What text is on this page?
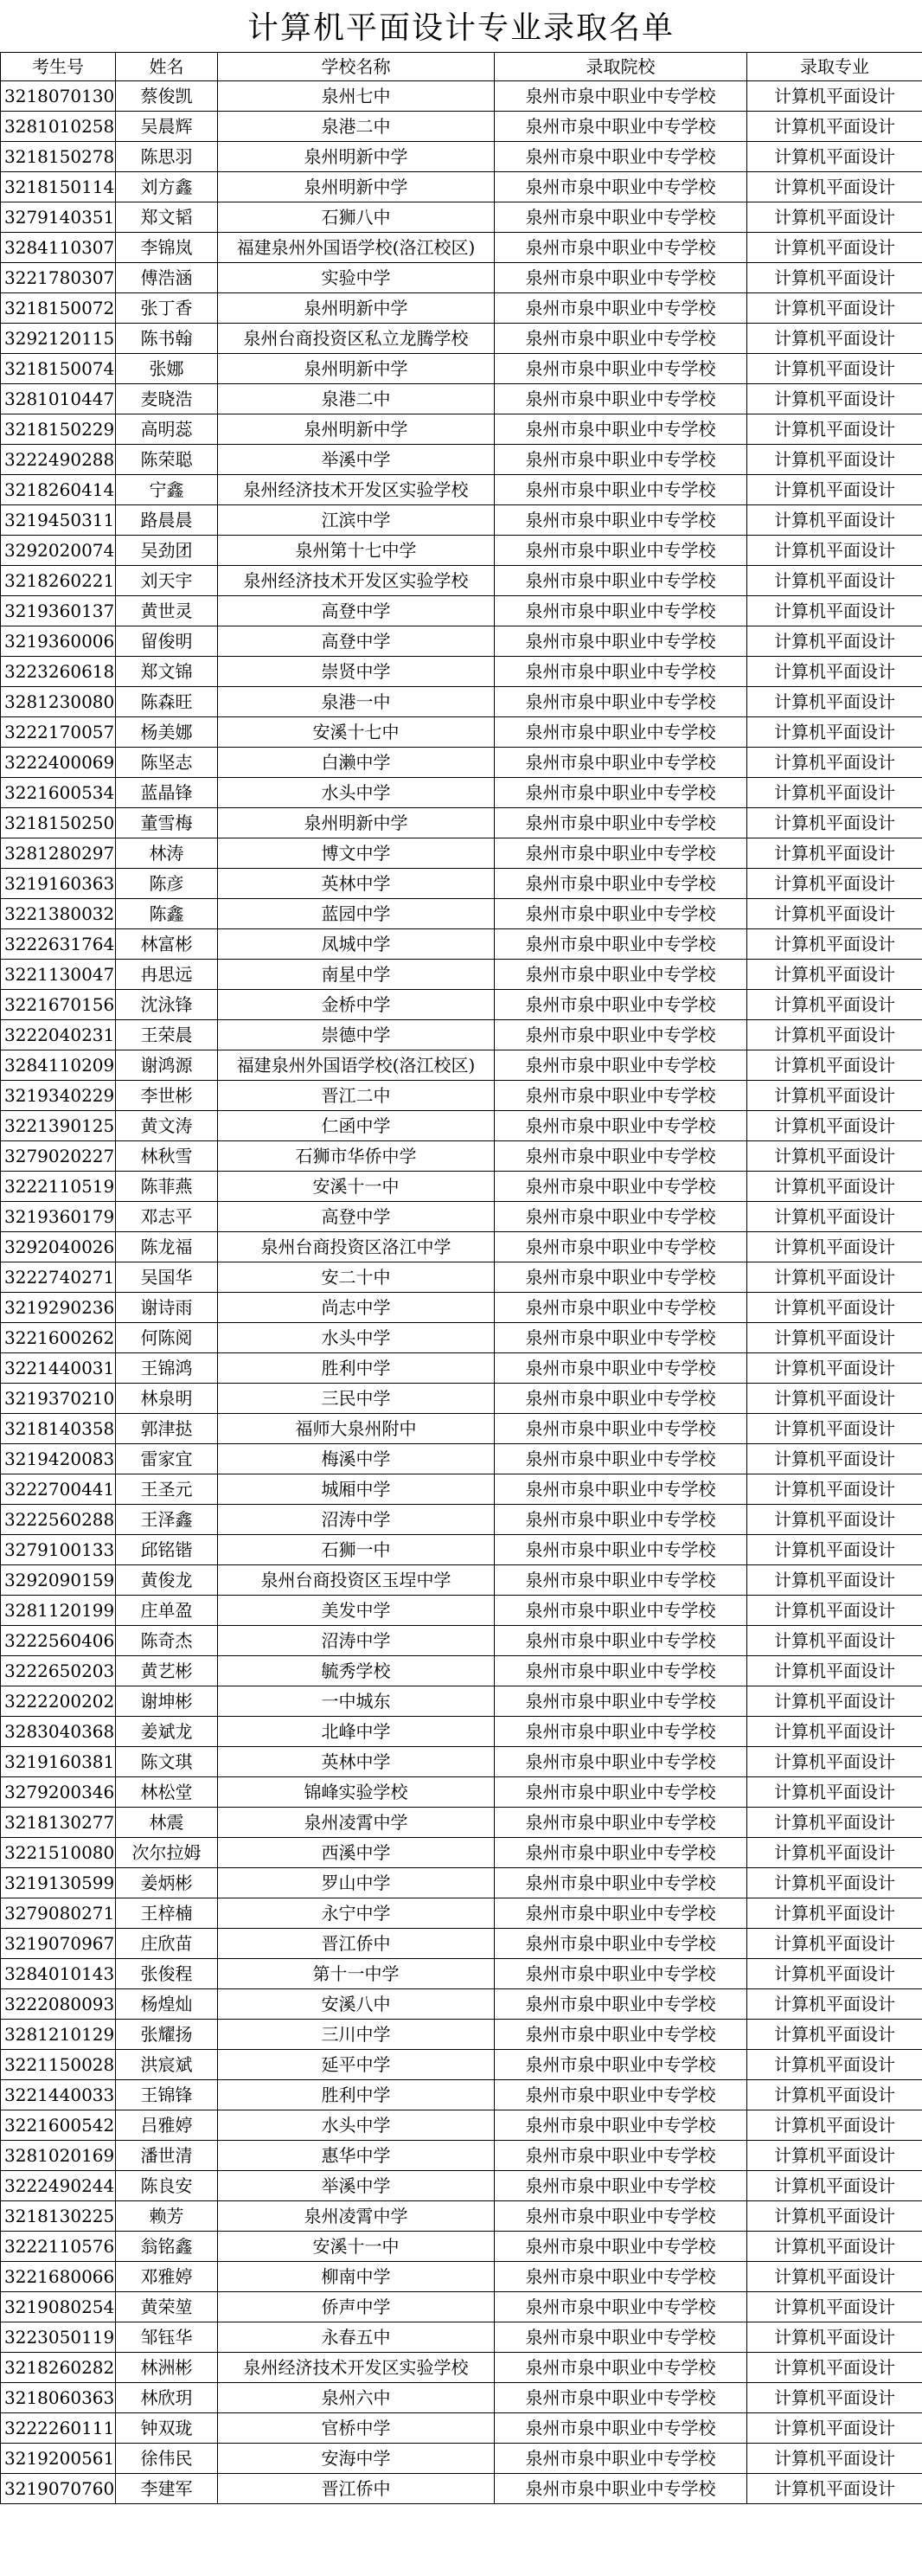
计算机平面设计专业录取名单
考生号	姓名	学校名称	录取院校	录取专业
3218070130	蔡俊凯	泉州七中	泉州市泉中职业中专学校	计算机平面设计
3281010258	吴晨辉	泉港二中	泉州市泉中职业中专学校	计算机平面设计
3218150278	陈思羽	泉州明新中学	泉州市泉中职业中专学校	计算机平面设计
3218150114	刘方鑫	泉州明新中学	泉州市泉中职业中专学校	计算机平面设计
3279140351	郑文韬	石狮八中	泉州市泉中职业中专学校	计算机平面设计
3284110307	李锦岚	福建泉州外国语学校(洛江校区)	泉州市泉中职业中专学校	计算机平面设计
3221780307	傅浩涵	实验中学	泉州市泉中职业中专学校	计算机平面设计
3218150072	张丁香	泉州明新中学	泉州市泉中职业中专学校	计算机平面设计
3292120115	陈书翰	泉州台商投资区私立龙腾学校	泉州市泉中职业中专学校	计算机平面设计
3218150074	张娜	泉州明新中学	泉州市泉中职业中专学校	计算机平面设计
3281010447	麦晓浩	泉港二中	泉州市泉中职业中专学校	计算机平面设计
3218150229	高明蕊	泉州明新中学	泉州市泉中职业中专学校	计算机平面设计
3222490288	陈荣聪	举溪中学	泉州市泉中职业中专学校	计算机平面设计
3218260414	宁鑫	泉州经济技术开发区实验学校	泉州市泉中职业中专学校	计算机平面设计
3219450311	路晨晨	江滨中学	泉州市泉中职业中专学校	计算机平面设计
3292020074	吴劲团	泉州第十七中学	泉州市泉中职业中专学校	计算机平面设计
3218260221	刘天宇	泉州经济技术开发区实验学校	泉州市泉中职业中专学校	计算机平面设计
3219360137	黄世灵	高登中学	泉州市泉中职业中专学校	计算机平面设计
3219360006	留俊明	高登中学	泉州市泉中职业中专学校	计算机平面设计
3223260618	郑文锦	崇贤中学	泉州市泉中职业中专学校	计算机平面设计
3281230080	陈森旺	泉港一中	泉州市泉中职业中专学校	计算机平面设计
3222170057	杨美娜	安溪十七中	泉州市泉中职业中专学校	计算机平面设计
3222400069	陈坚志	白濑中学	泉州市泉中职业中专学校	计算机平面设计
3221600534	蓝晶锋	水头中学	泉州市泉中职业中专学校	计算机平面设计
3218150250	董雪梅	泉州明新中学	泉州市泉中职业中专学校	计算机平面设计
3281280297	林涛	博文中学	泉州市泉中职业中专学校	计算机平面设计
3219160363	陈彦	英林中学	泉州市泉中职业中专学校	计算机平面设计
3221380032	陈鑫	蓝园中学	泉州市泉中职业中专学校	计算机平面设计
3222631764	林富彬	凤城中学	泉州市泉中职业中专学校	计算机平面设计
3221130047	冉思远	南星中学	泉州市泉中职业中专学校	计算机平面设计
3221670156	沈泳锋	金桥中学	泉州市泉中职业中专学校	计算机平面设计
3222040231	王荣晨	崇德中学	泉州市泉中职业中专学校	计算机平面设计
3284110209	谢鸿源	福建泉州外国语学校(洛江校区)	泉州市泉中职业中专学校	计算机平面设计
3219340229	李世彬	晋江二中	泉州市泉中职业中专学校	计算机平面设计
3221390125	黄文涛	仁函中学	泉州市泉中职业中专学校	计算机平面设计
3279020227	林秋雪	石狮市华侨中学	泉州市泉中职业中专学校	计算机平面设计
3222110519	陈菲燕	安溪十一中	泉州市泉中职业中专学校	计算机平面设计
3219360179	邓志平	高登中学	泉州市泉中职业中专学校	计算机平面设计
3292040026	陈龙福	泉州台商投资区洛江中学	泉州市泉中职业中专学校	计算机平面设计
3222740271	吴国华	安二十中	泉州市泉中职业中专学校	计算机平面设计
3219290236	谢诗雨	尚志中学	泉州市泉中职业中专学校	计算机平面设计
3221600262	何陈阅	水头中学	泉州市泉中职业中专学校	计算机平面设计
3221440031	王锦鸿	胜利中学	泉州市泉中职业中专学校	计算机平面设计
3219370210	林泉明	三民中学	泉州市泉中职业中专学校	计算机平面设计
3218140358	郭津挞	福师大泉州附中	泉州市泉中职业中专学校	计算机平面设计
3219420083	雷家宜	梅溪中学	泉州市泉中职业中专学校	计算机平面设计
3222700441	王圣元	城厢中学	泉州市泉中职业中专学校	计算机平面设计
3222560288	王泽鑫	沼涛中学	泉州市泉中职业中专学校	计算机平面设计
3279100133	邱铭锴	石狮一中	泉州市泉中职业中专学校	计算机平面设计
3292090159	黄俊龙	泉州台商投资区玉埕中学	泉州市泉中职业中专学校	计算机平面设计
3281120199	庄单盈	美发中学	泉州市泉中职业中专学校	计算机平面设计
3222560406	陈奇杰	沼涛中学	泉州市泉中职业中专学校	计算机平面设计
3222650203	黄艺彬	毓秀学校	泉州市泉中职业中专学校	计算机平面设计
3222200202	谢坤彬	一中城东	泉州市泉中职业中专学校	计算机平面设计
3283040368	姜斌龙	北峰中学	泉州市泉中职业中专学校	计算机平面设计
3219160381	陈文琪	英林中学	泉州市泉中职业中专学校	计算机平面设计
3279200346	林松堂	锦峰实验学校	泉州市泉中职业中专学校	计算机平面设计
3218130277	林震	泉州凌霄中学	泉州市泉中职业中专学校	计算机平面设计
3221510080	次尔拉姆	西溪中学	泉州市泉中职业中专学校	计算机平面设计
3219130599	姜炳彬	罗山中学	泉州市泉中职业中专学校	计算机平面设计
3279080271	王梓楠	永宁中学	泉州市泉中职业中专学校	计算机平面设计
3219070967	庄欣苗	晋江侨中	泉州市泉中职业中专学校	计算机平面设计
3284010143	张俊程	第十一中学	泉州市泉中职业中专学校	计算机平面设计
3222080093	杨煌灿	安溪八中	泉州市泉中职业中专学校	计算机平面设计
3281210129	张耀扬	三川中学	泉州市泉中职业中专学校	计算机平面设计
3221150028	洪宸斌	延平中学	泉州市泉中职业中专学校	计算机平面设计
3221440033	王锦锋	胜利中学	泉州市泉中职业中专学校	计算机平面设计
3221600542	吕雅婷	水头中学	泉州市泉中职业中专学校	计算机平面设计
3281020169	潘世清	惠华中学	泉州市泉中职业中专学校	计算机平面设计
3222490244	陈良安	举溪中学	泉州市泉中职业中专学校	计算机平面设计
3218130225	赖芳	泉州凌霄中学	泉州市泉中职业中专学校	计算机平面设计
3222110576	翁铭鑫	安溪十一中	泉州市泉中职业中专学校	计算机平面设计
3221680066	邓雅婷	柳南中学	泉州市泉中职业中专学校	计算机平面设计
3219080254	黄荣堃	侨声中学	泉州市泉中职业中专学校	计算机平面设计
3223050119	邹钰华	永春五中	泉州市泉中职业中专学校	计算机平面设计
3218260282	林洲彬	泉州经济技术开发区实验学校	泉州市泉中职业中专学校	计算机平面设计
3218060363	林欣玥	泉州六中	泉州市泉中职业中专学校	计算机平面设计
3222260111	钟双珑	官桥中学	泉州市泉中职业中专学校	计算机平面设计
3219200561	徐伟民	安海中学	泉州市泉中职业中专学校	计算机平面设计
3219070760	李建军	晋江侨中	泉州市泉中职业中专学校	计算机平面设计
